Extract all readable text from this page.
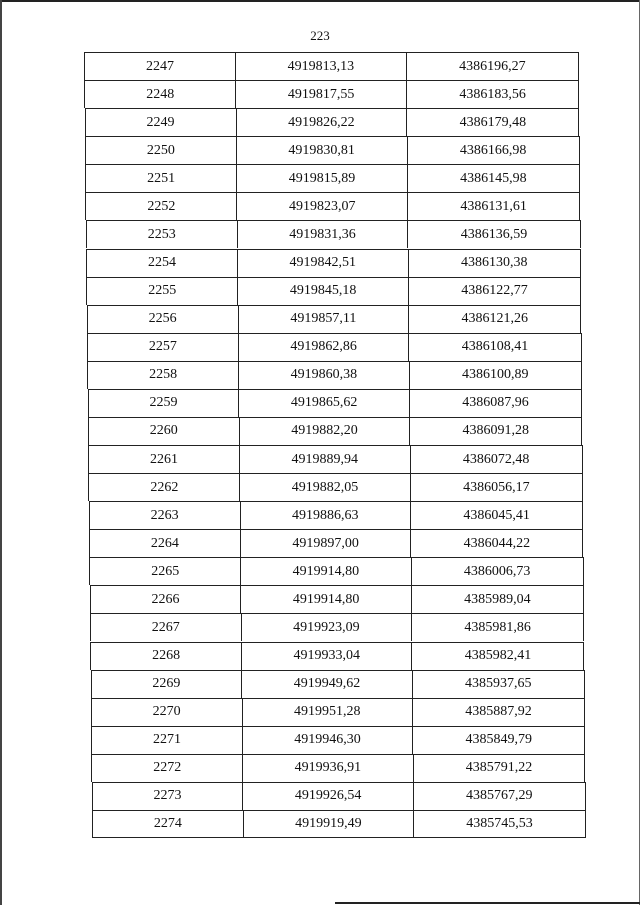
223
2247	4919813,13	4386196,27
2248	4919817,55	4386183,56
2249	4919826,22	4386179,48
2250	4919830,81	4386166,98
2251	4919815,89	4386145,98
2252	4919823,07	4386131,61
2253	4919831,36	4386136,59
2254	4919842,51	4386130,38
2255	4919845,18	4386122,77
2256	4919857,11	4386121,26
2257	4919862,86	4386108,41
2258	4919860,38	4386100,89
2259	4919865,62	4386087,96
2260	4919882,20	4386091,28
2261	4919889,94	4386072,48
2262	4919882,05	4386056,17
2263	4919886,63	4386045,41
2264	4919897,00	4386044,22
2265	4919914,80	4386006,73
2266	4919914,80	4385989,04
2267	4919923,09	4385981,86
2268	4919933,04	4385982,41
2269	4919949,62	4385937,65
2270	4919951,28	4385887,92
2271	4919946,30	4385849,79
2272	4919936,91	4385791,22
2273	4919926,54	4385767,29
2274	4919919,49	4385745,53
